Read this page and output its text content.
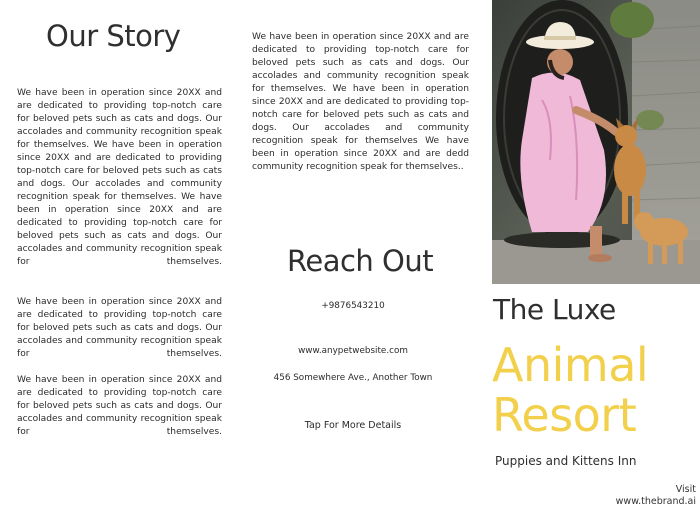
Our Story
We have been in operation since 20XX and are dedicated to providing top-notch care for beloved pets such as cats and dogs. Our accolades and community recognition speak for themselves. We have been in operation since 20XX and are dedicated to providing top-notch care for beloved pets such as cats and dogs. Our accolades and community recognition speak for themselves. We have been in operation since 20XX and are dedicated to providing top-notch care for beloved pets such as cats and dogs. Our accolades and community recognition speak for themselves.
We have been in operation since 20XX and are dedicated to providing top-notch care for beloved pets such as cats and dogs. Our accolades and community recognition speak for themselves.
We have been in operation since 20XX and are dedicated to providing top-notch care for beloved pets such as cats and dogs. Our accolades and community recognition speak for themselves.
We have been in operation since 20XX and are dedicated to providing top-notch care for beloved pets such as cats and dogs. Our accolades and community recognition speak for themselves. We have been in operation since 20XX and are dedicated to providing top-notch care for beloved pets such as cats and dogs. Our accolades and community recognition speak for themselves We have been in operation since 20XX and are dedd community recognition speak for themselves..
Reach Out
+9876543210
www.anypetwebsite.com
456 Somewhere Ave., Another Town
Tap For More Details
The Luxe
Animal
Resort
Puppies and Kittens Inn
Visit
www.thebrand.ai
